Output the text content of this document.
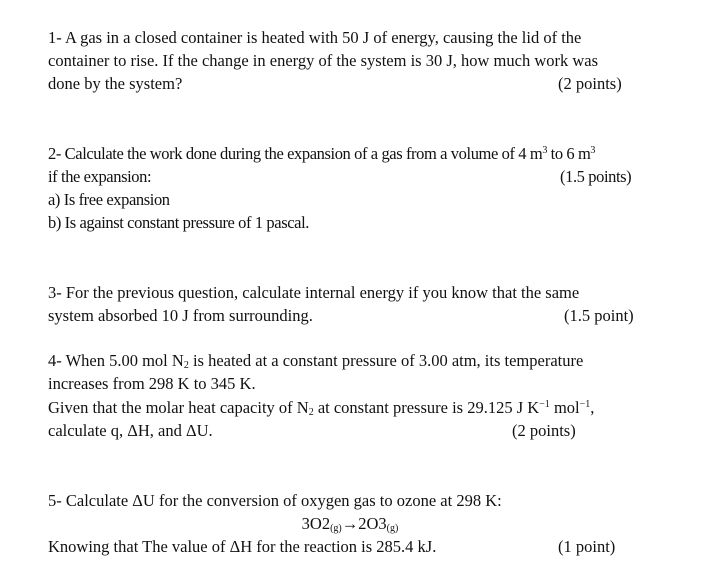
1- A gas in a closed container is heated with 50 J of energy, causing the lid of the
container to rise. If the change in energy of the system is 30 J, how much work was
done by the system?	(2 points)
2- Calculate the work done during the expansion of a gas from a volume of 4 $m^3$ to 6 $m^3$
if the expansion:	(1.5 points)
a) Is free expansion
b) Is against constant pressure of 1 pascal.
3- For the previous question, calculate internal energy if you know that the same
system absorbed 10 J from surrounding.	(1.5 point)
4- When 5.00 mol $N_2$ is heated at a constant pressure of 3.00 atm, its temperature
increases from 298 K to 345 K.
Given that the molar heat capacity of $N_2$ at constant pressure is 29.125 J $K^{-1}$ mol$^{-1}$,
calculate q, ΔH, and ΔU.	(2 points)
5- Calculate ΔU for the conversion of oxygen gas to ozone at 298 K:
$3O2_{(g)}\to 2O3_{(g)}$
Knowing that The value of ΔH for the reaction is 285.4 kJ.	(1 point)
